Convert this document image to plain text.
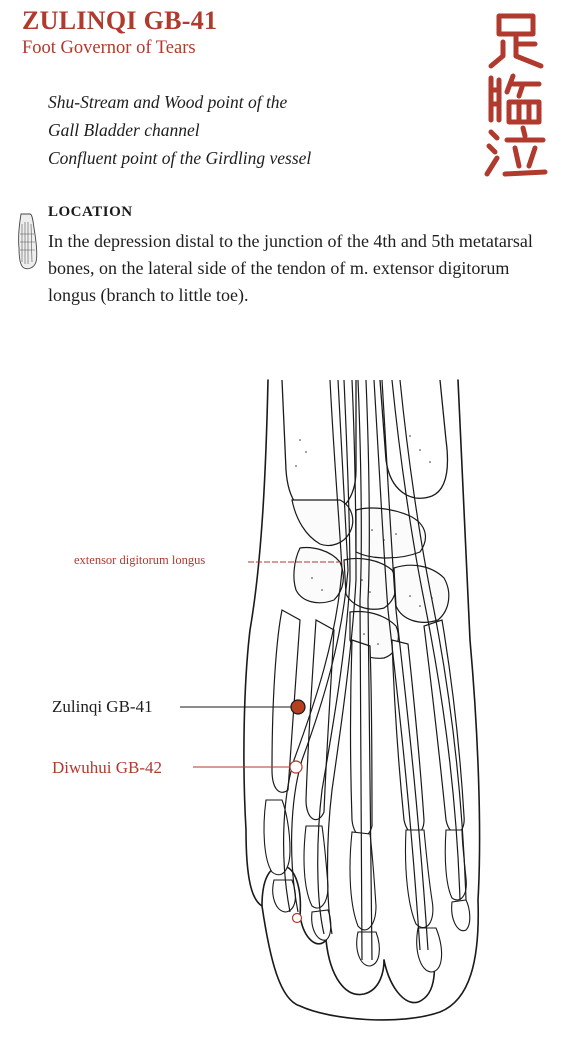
ZULINQI GB-41
Foot Governor of Tears
Shu-Stream and Wood point of the
Gall Bladder channel
Confluent point of the Girdling vessel
LOCATION
In the depression distal to the junction of the 4th and 5th metatarsal bones, on the lateral side of the tendon of m. extensor digitorum longus (branch to little toe).
extensor digitorum longus
Zulinqi GB-41
Diwuhui GB-42
